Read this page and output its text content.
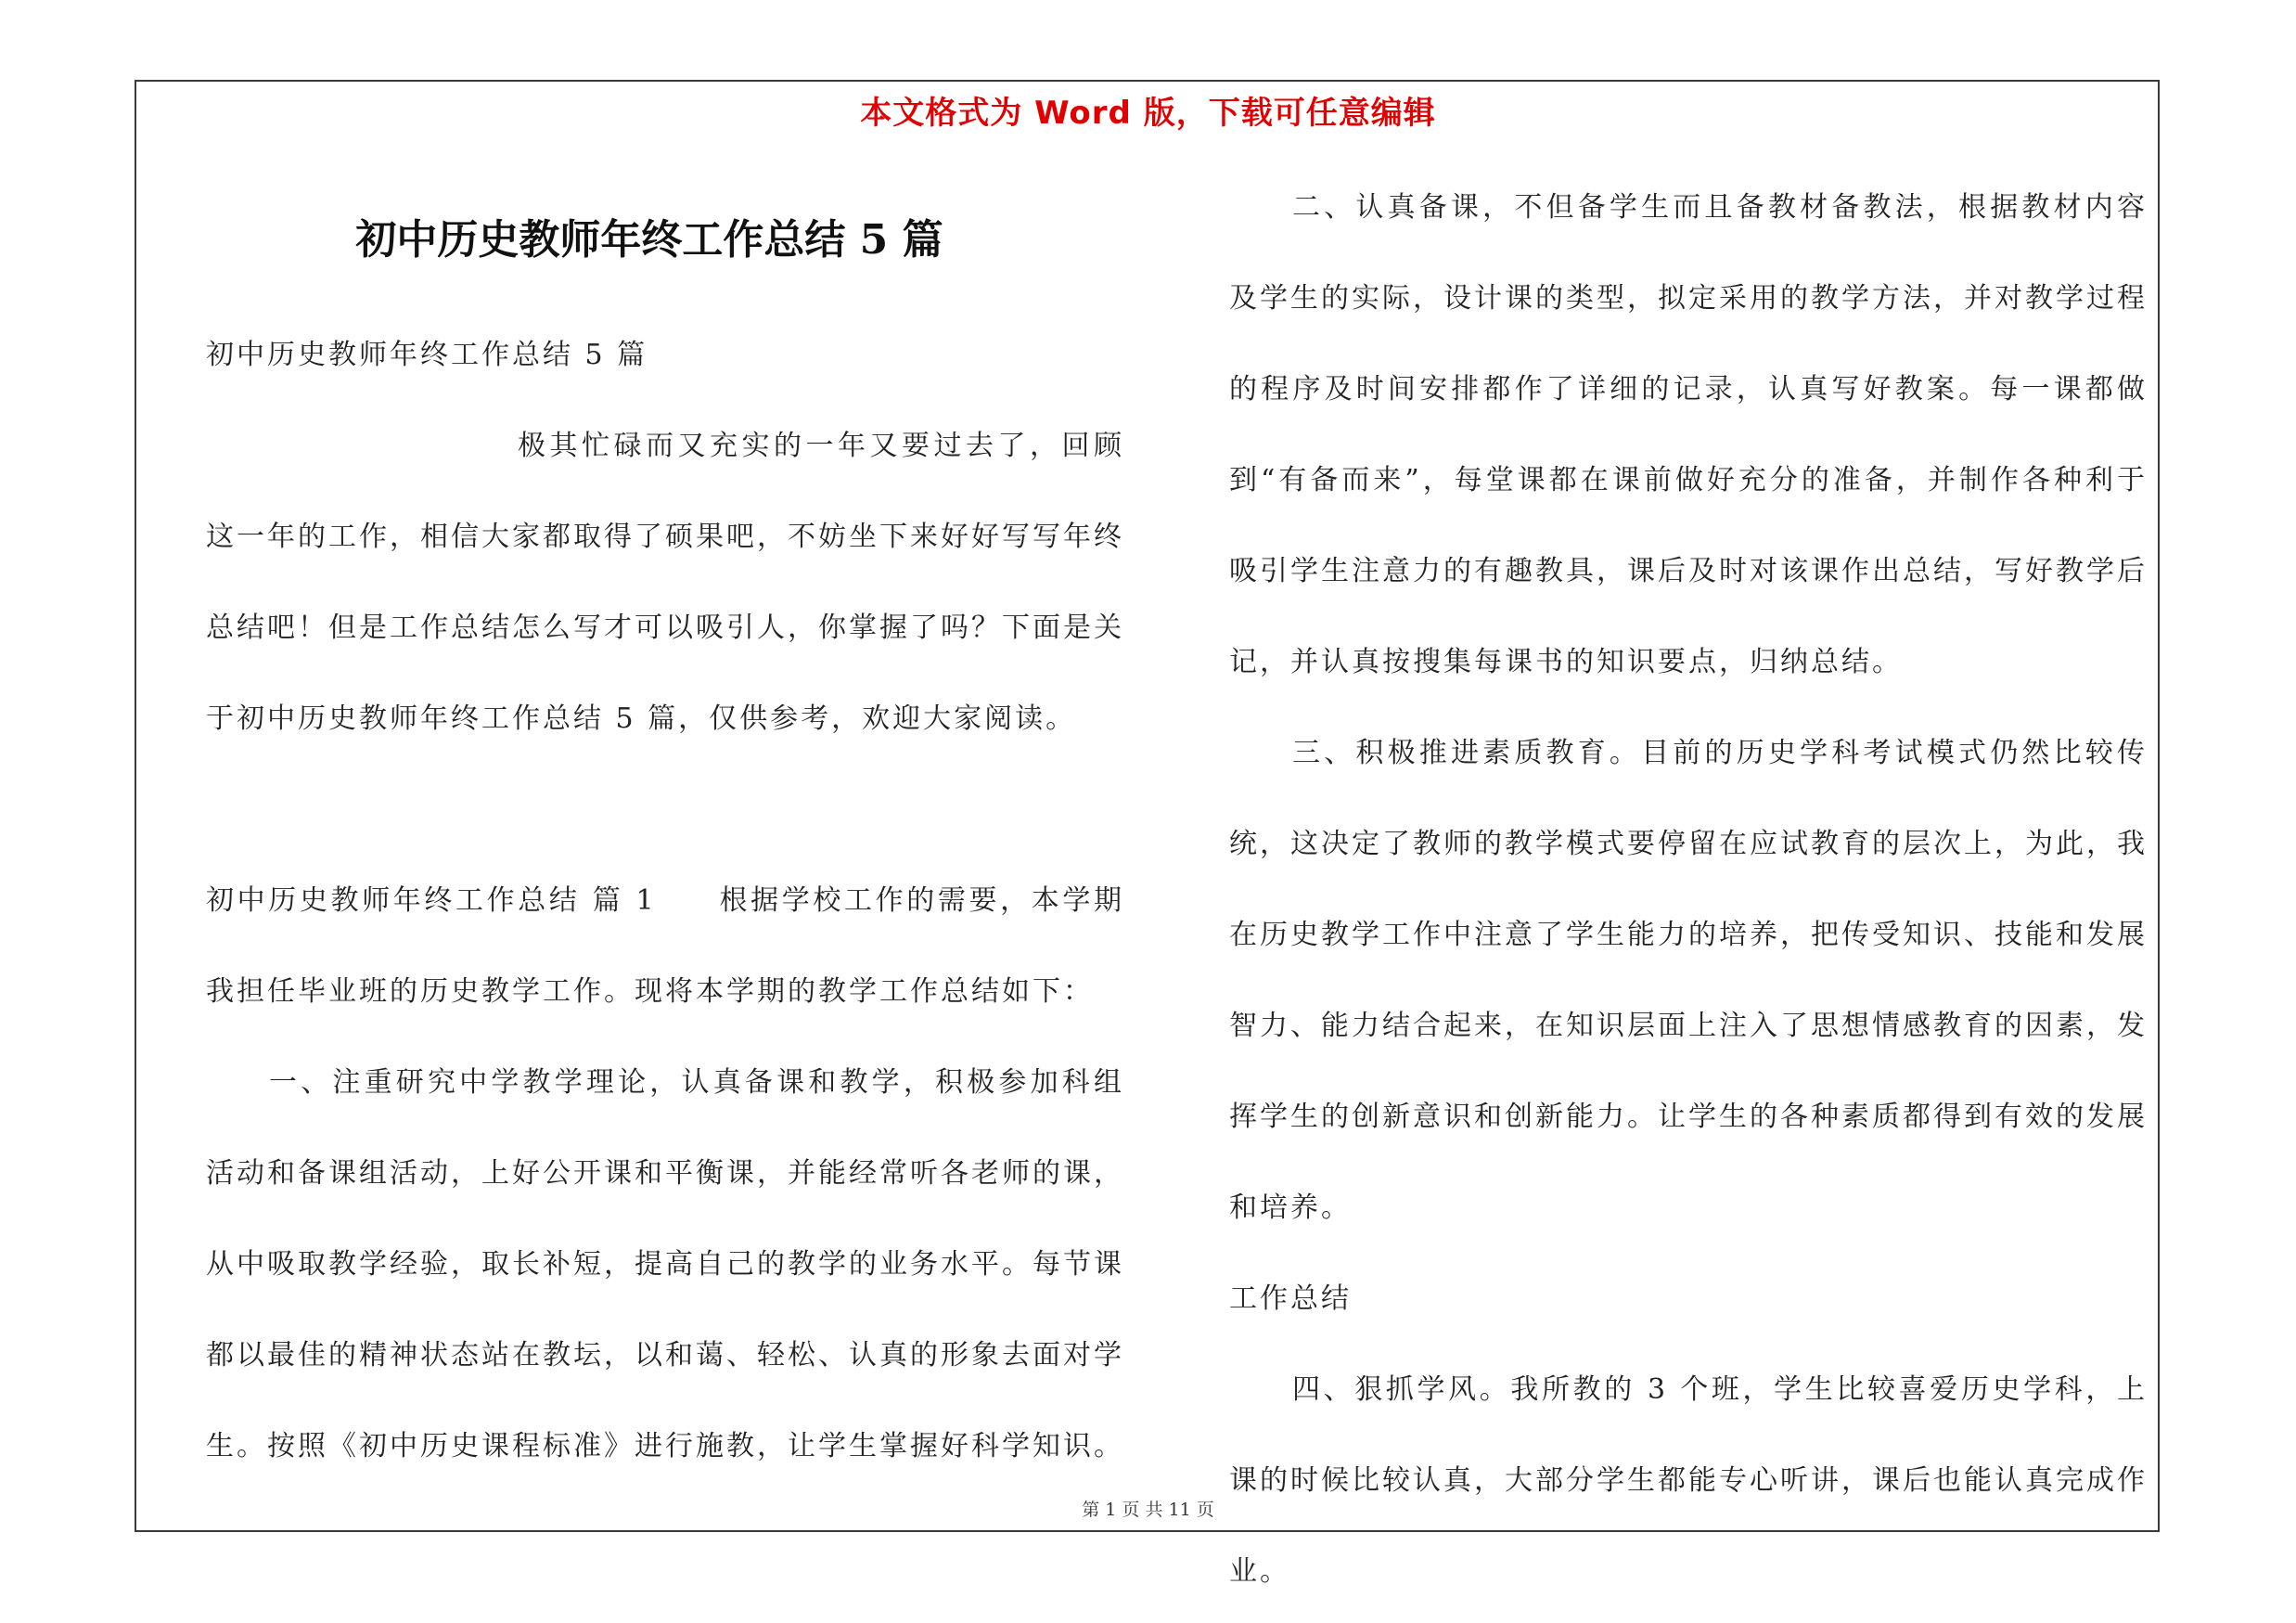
本文格式为 Word 版，下载可任意编辑
初中历史教师年终工作总结 5 篇

初中历史教师年终工作总结 5 篇

极其忙碌而又充实的一年又要过去了，回顾这一年的工作，相信大家都取得了硕果吧，不妨坐下来好好写写年终总结吧！但是工作总结怎么写才可以吸引人，你掌握了吗？下面是关于初中历史教师年终工作总结 5 篇，仅供参考，欢迎大家阅读。

初中历史教师年终工作总结 篇 1　　根据学校工作的需要，本学期我担任毕业班的历史教学工作。现将本学期的教学工作总结如下：

一、注重研究中学教学理论，认真备课和教学，积极参加科组活动和备课组活动，上好公开课和平衡课，并能经常听各老师的课，从中吸取教学经验，取长补短，提高自己的教学的业务水平。每节课都以最佳的精神状态站在教坛，以和蔼、轻松、认真的形象去面对学生。按照《初中历史课程标准》进行施教，让学生掌握好科学知识。

二、认真备课，不但备学生而且备教材备教法，根据教材内容及学生的实际，设计课的类型，拟定采用的教学方法，并对教学过程的程序及时间安排都作了详细的记录，认真写好教案。每一课都做到“有备而来”，每堂课都在课前做好充分的准备，并制作各种利于吸引学生注意力的有趣教具，课后及时对该课作出总结，写好教学后记，并认真按搜集每课书的知识要点，归纳总结。

三、积极推进素质教育。目前的历史学科考试模式仍然比较传统，这决定了教师的教学模式要停留在应试教育的层次上，为此，我在历史教学工作中注意了学生能力的培养，把传受知识、技能和发展智力、能力结合起来，在知识层面上注入了思想情感教育的因素，发挥学生的创新意识和创新能力。让学生的各种素质都得到有效的发展和培养。

工作总结

四、狠抓学风。我所教的 3 个班，学生比较喜爱历史学科，上课的时候比较认真，大部分学生都能专心听讲，课后也能认真完成作业。

第 1 页 共 11 页
